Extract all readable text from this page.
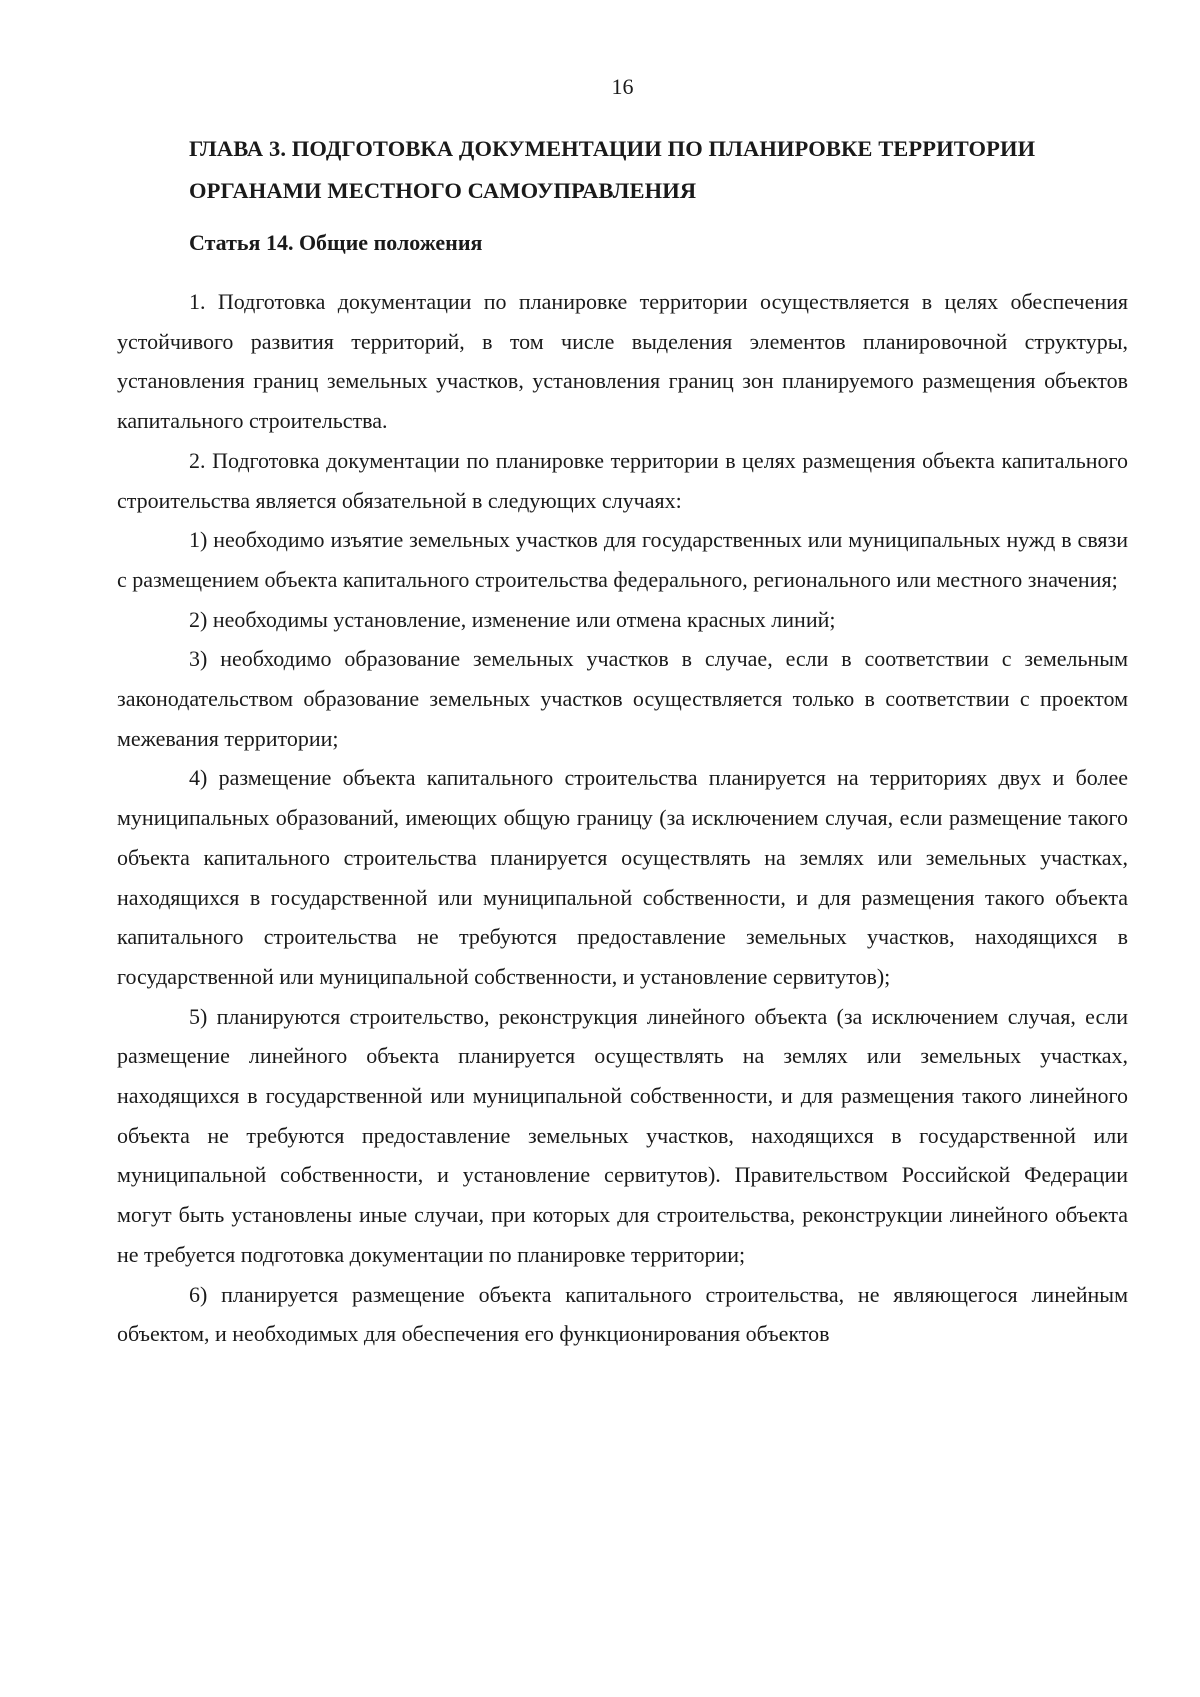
16
ГЛАВА 3. ПОДГОТОВКА ДОКУМЕНТАЦИИ ПО ПЛАНИРОВКЕ ТЕРРИТОРИИ ОРГАНАМИ МЕСТНОГО САМОУПРАВЛЕНИЯ
Статья 14. Общие положения

1. Подготовка документации по планировке территории осуществляется в целях обеспечения устойчивого развития территорий, в том числе выделения элементов планировочной структуры, установления границ земельных участков, установления границ зон планируемого размещения объектов капитального строительства.

2. Подготовка документации по планировке территории в целях размещения объекта капитального строительства является обязательной в следующих случаях:

1) необходимо изъятие земельных участков для государственных или муниципальных нужд в связи с размещением объекта капитального строительства федерального, регионального или местного значения;

2) необходимы установление, изменение или отмена красных линий;

3) необходимо образование земельных участков в случае, если в соответствии с земельным законодательством образование земельных участков осуществляется только в соответствии с проектом межевания территории;

4) размещение объекта капитального строительства планируется на территориях двух и более муниципальных образований, имеющих общую границу (за исключением случая, если размещение такого объекта капитального строительства планируется осуществлять на землях или земельных участках, находящихся в государственной или муниципальной собственности, и для размещения такого объекта капитального строительства не требуются предоставление земельных участков, находящихся в государственной или муниципальной собственности, и установление сервитутов);

5) планируются строительство, реконструкция линейного объекта (за исключением случая, если размещение линейного объекта планируется осуществлять на землях или земельных участках, находящихся в государственной или муниципальной собственности, и для размещения такого линейного объекта не требуются предоставление земельных участков, находящихся в государственной или муниципальной собственности, и установление сервитутов). Правительством Российской Федерации могут быть установлены иные случаи, при которых для строительства, реконструкции линейного объекта не требуется подготовка документации по планировке территории;

6) планируется размещение объекта капитального строительства, не являющегося линейным объектом, и необходимых для обеспечения его функционирования объектов
